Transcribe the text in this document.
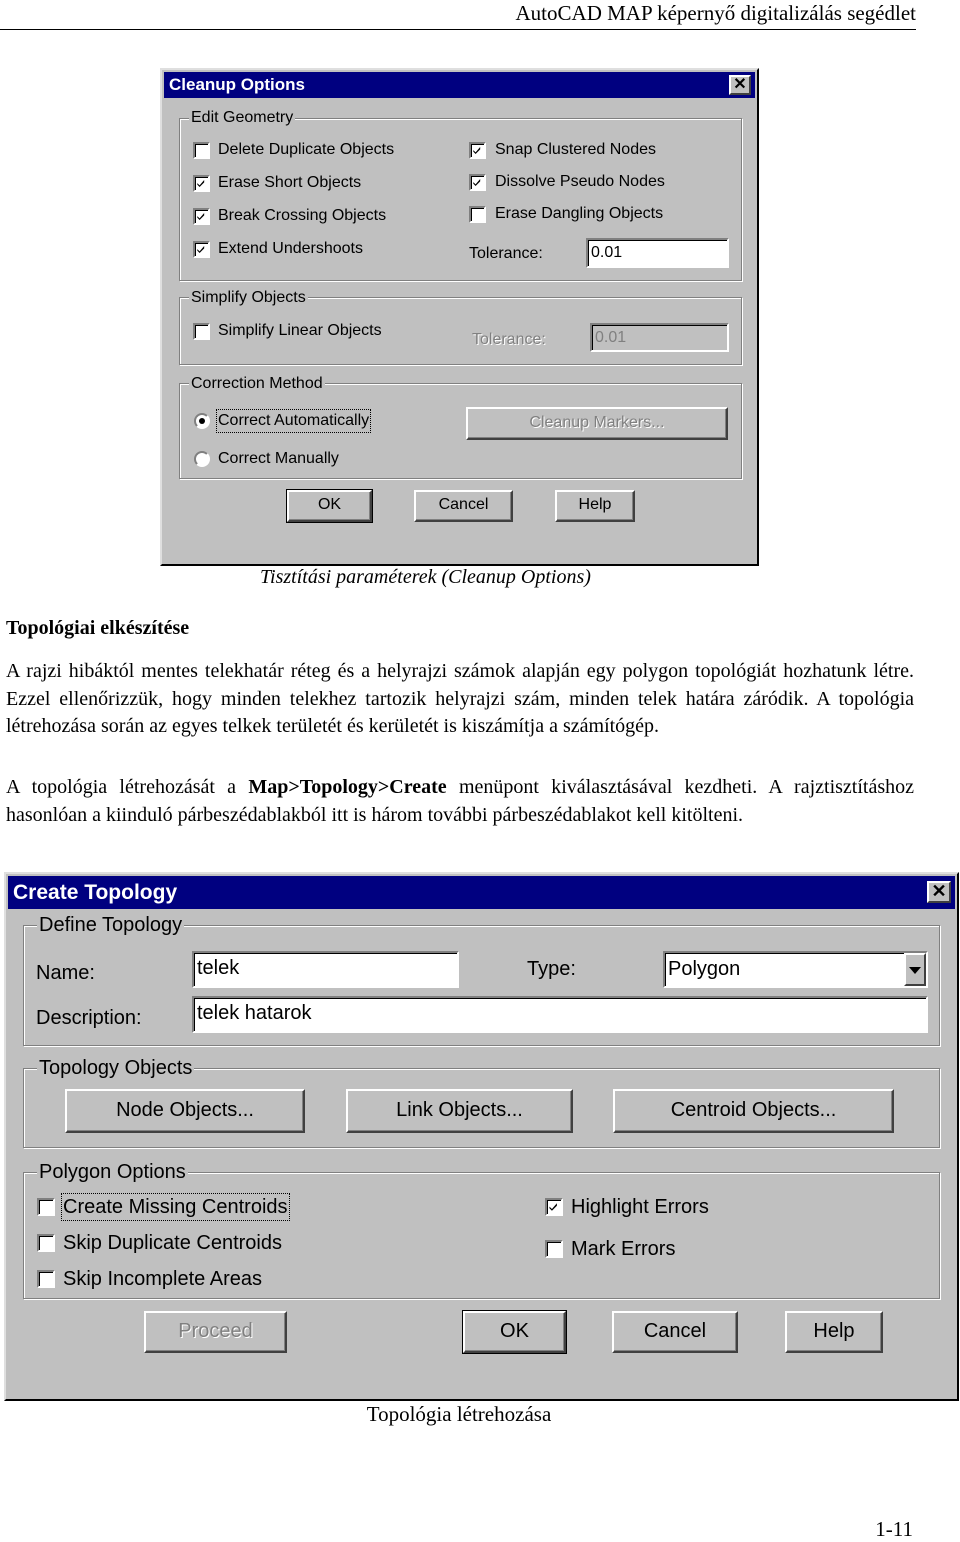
AutoCAD MAP képernyő digitalizálás segédlet
Cleanup Options	✕
Edit Geometry
Delete Duplicate Objects
Erase Short Objects
Break Crossing Objects
Extend Undershoots
Snap Clustered Nodes
Dissolve Pseudo Nodes
Erase Dangling Objects
Tolerance:	0.01
Simplify Objects
Simplify Linear Objects
Tolerance:	0.01
Correction Method
Correct Automatically
Correct Manually
Cleanup Markers...
OK	Cancel	Help
Tisztítási paraméterek (Cleanup Options)
Topológiai elkészítése

A rajzi hibáktól mentes telekhatár réteg és a helyrajzi számok alapján egy polygon topológiát hozhatunk létre. Ezzel ellenőrizzük, hogy minden telekhez tartozik helyrajzi szám, minden telek határa záródik. A topológia létrehozása során az egyes telkek területét és kerületét is kiszámítja a számítógép.

A topológia létrehozását a Map>Topology>Create menüpont kiválasztásával kezdheti. A rajztisztításhoz hasonlóan a kiinduló párbeszédablakból itt is három további párbeszédablakot kell kitölteni.

Create Topology	✕
Define Topology
Name:	telek	Type:	Polygon
Description:	telek hatarok
Topology Objects
Node Objects...	Link Objects...	Centroid Objects...
Polygon Options
Create Missing Centroids
Skip Duplicate Centroids
Skip Incomplete Areas
Highlight Errors
Mark Errors
Proceed	OK	Cancel	Help
Topológia létrehozása
1-11
